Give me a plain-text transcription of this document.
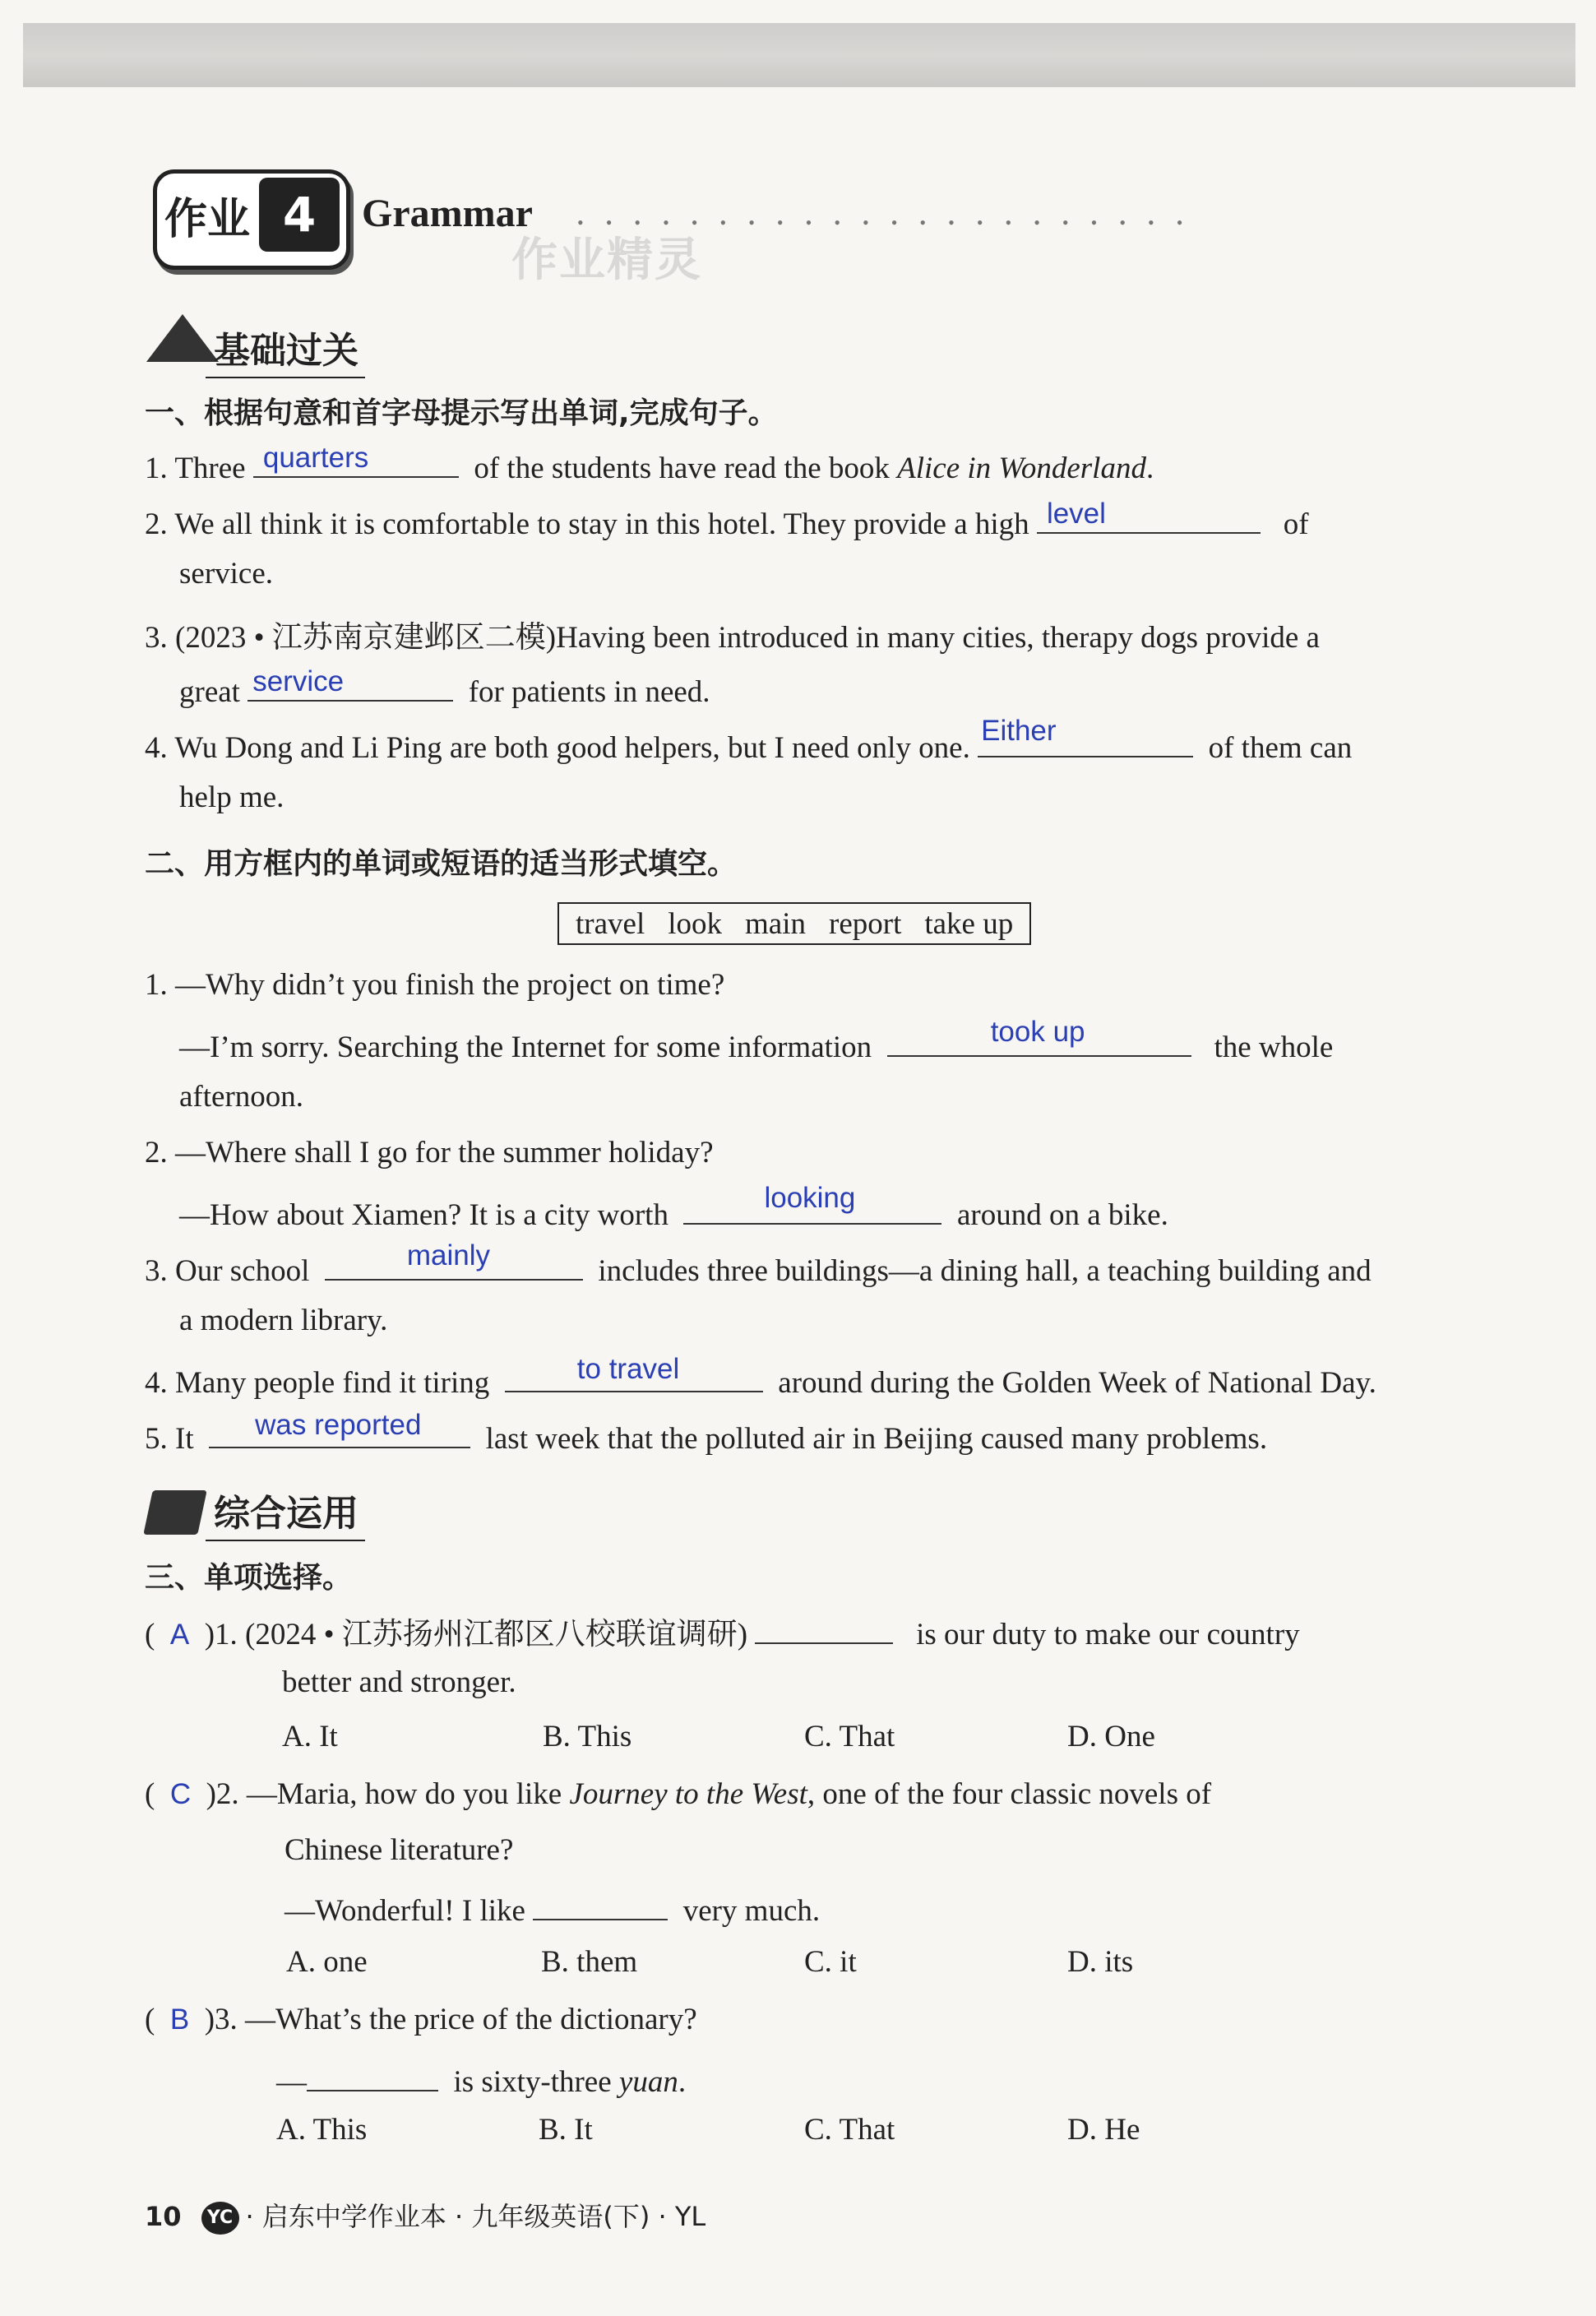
作业 4	Grammar ••••••••••••••••••••••
作业精灵
基础过关
一、根据句意和首字母提示写出单词,完成句子。
1. Three quarters	of the students have read the book Alice in Wonderland.
2. We all think it is comfortable to stay in this hotel. They provide a high level	of
service.
3. (2023 • 江苏南京建邺区二模)Having been introduced in many cities, therapy dogs provide a
great service	for patients in need.
4. Wu Dong and Li Ping are both good helpers, but I need only one.
Either
of them can
help me.
二、用方框内的单词或短语的适当形式填空。
travel look main report take up
1. —Why didn’t you finish the project on time?
—I’m sorry. Searching the Internet for some information	took up	the whole
afternoon.
2. —Where shall I go for the summer holiday?
—How about Xiamen? It is a city worth
looking
around on a bike.
3. Our school	mainly	includes three buildings—a dining hall, a teaching building and
a modern library.
4. Many people find it tiring	to travel	around during the Golden Week of National Day.
5. It was reported last week that the polluted air in Beijing caused many problems.
综合运用
三、单项选择。
(  A )1. (2024 • 江苏扬州江都区八校联谊调研)	is our duty to make our country
better and stronger.
A. It	B. This	C. That	D. One
(  C )2. —Maria, how do you like Journey to the West, one of the four classic novels of
Chinese literature?
—Wonderful! I like	very much.
A. one	B. them	C. it	D. its
(  B )3. —What’s the price of the dictionary?
—	is sixty-three yuan.
A. This	B. It	C. That	D. He
10 YC · 启东中学作业本 · 九年级英语(下) · YL
